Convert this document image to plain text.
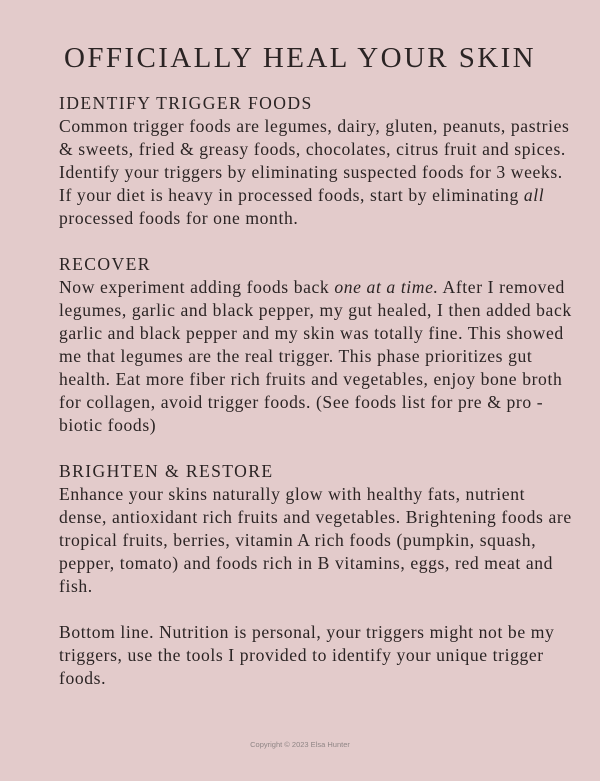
OFFICIALLY HEAL YOUR SKIN
IDENTIFY TRIGGER FOODS

Common trigger foods are legumes, dairy, gluten, peanuts, pastries & sweets, fried & greasy foods, chocolates, citrus fruit and spices. Identify your triggers by eliminating suspected foods for 3 weeks.

If your diet is heavy in processed foods, start by eliminating all processed foods for one month.

RECOVER

Now experiment adding foods back one at a time. After I removed legumes, garlic and black pepper, my gut healed, I then added back garlic and black pepper and my skin was totally fine. This showed me that legumes are the real trigger. This phase prioritizes gut health. Eat more fiber rich fruits and vegetables, enjoy bone broth for collagen, avoid trigger foods. (See foods list for pre & pro -biotic foods)

BRIGHTEN & RESTORE

Enhance your skins naturally glow with healthy fats, nutrient dense, antioxidant rich fruits and vegetables. Brightening foods are tropical fruits, berries, vitamin A rich foods (pumpkin, squash, pepper, tomato) and foods rich in B vitamins, eggs, red meat and fish.

Bottom line. Nutrition is personal, your triggers might not be my triggers, use the tools I provided to identify your unique trigger foods.

Copyright © 2023 Elsa Hunter
